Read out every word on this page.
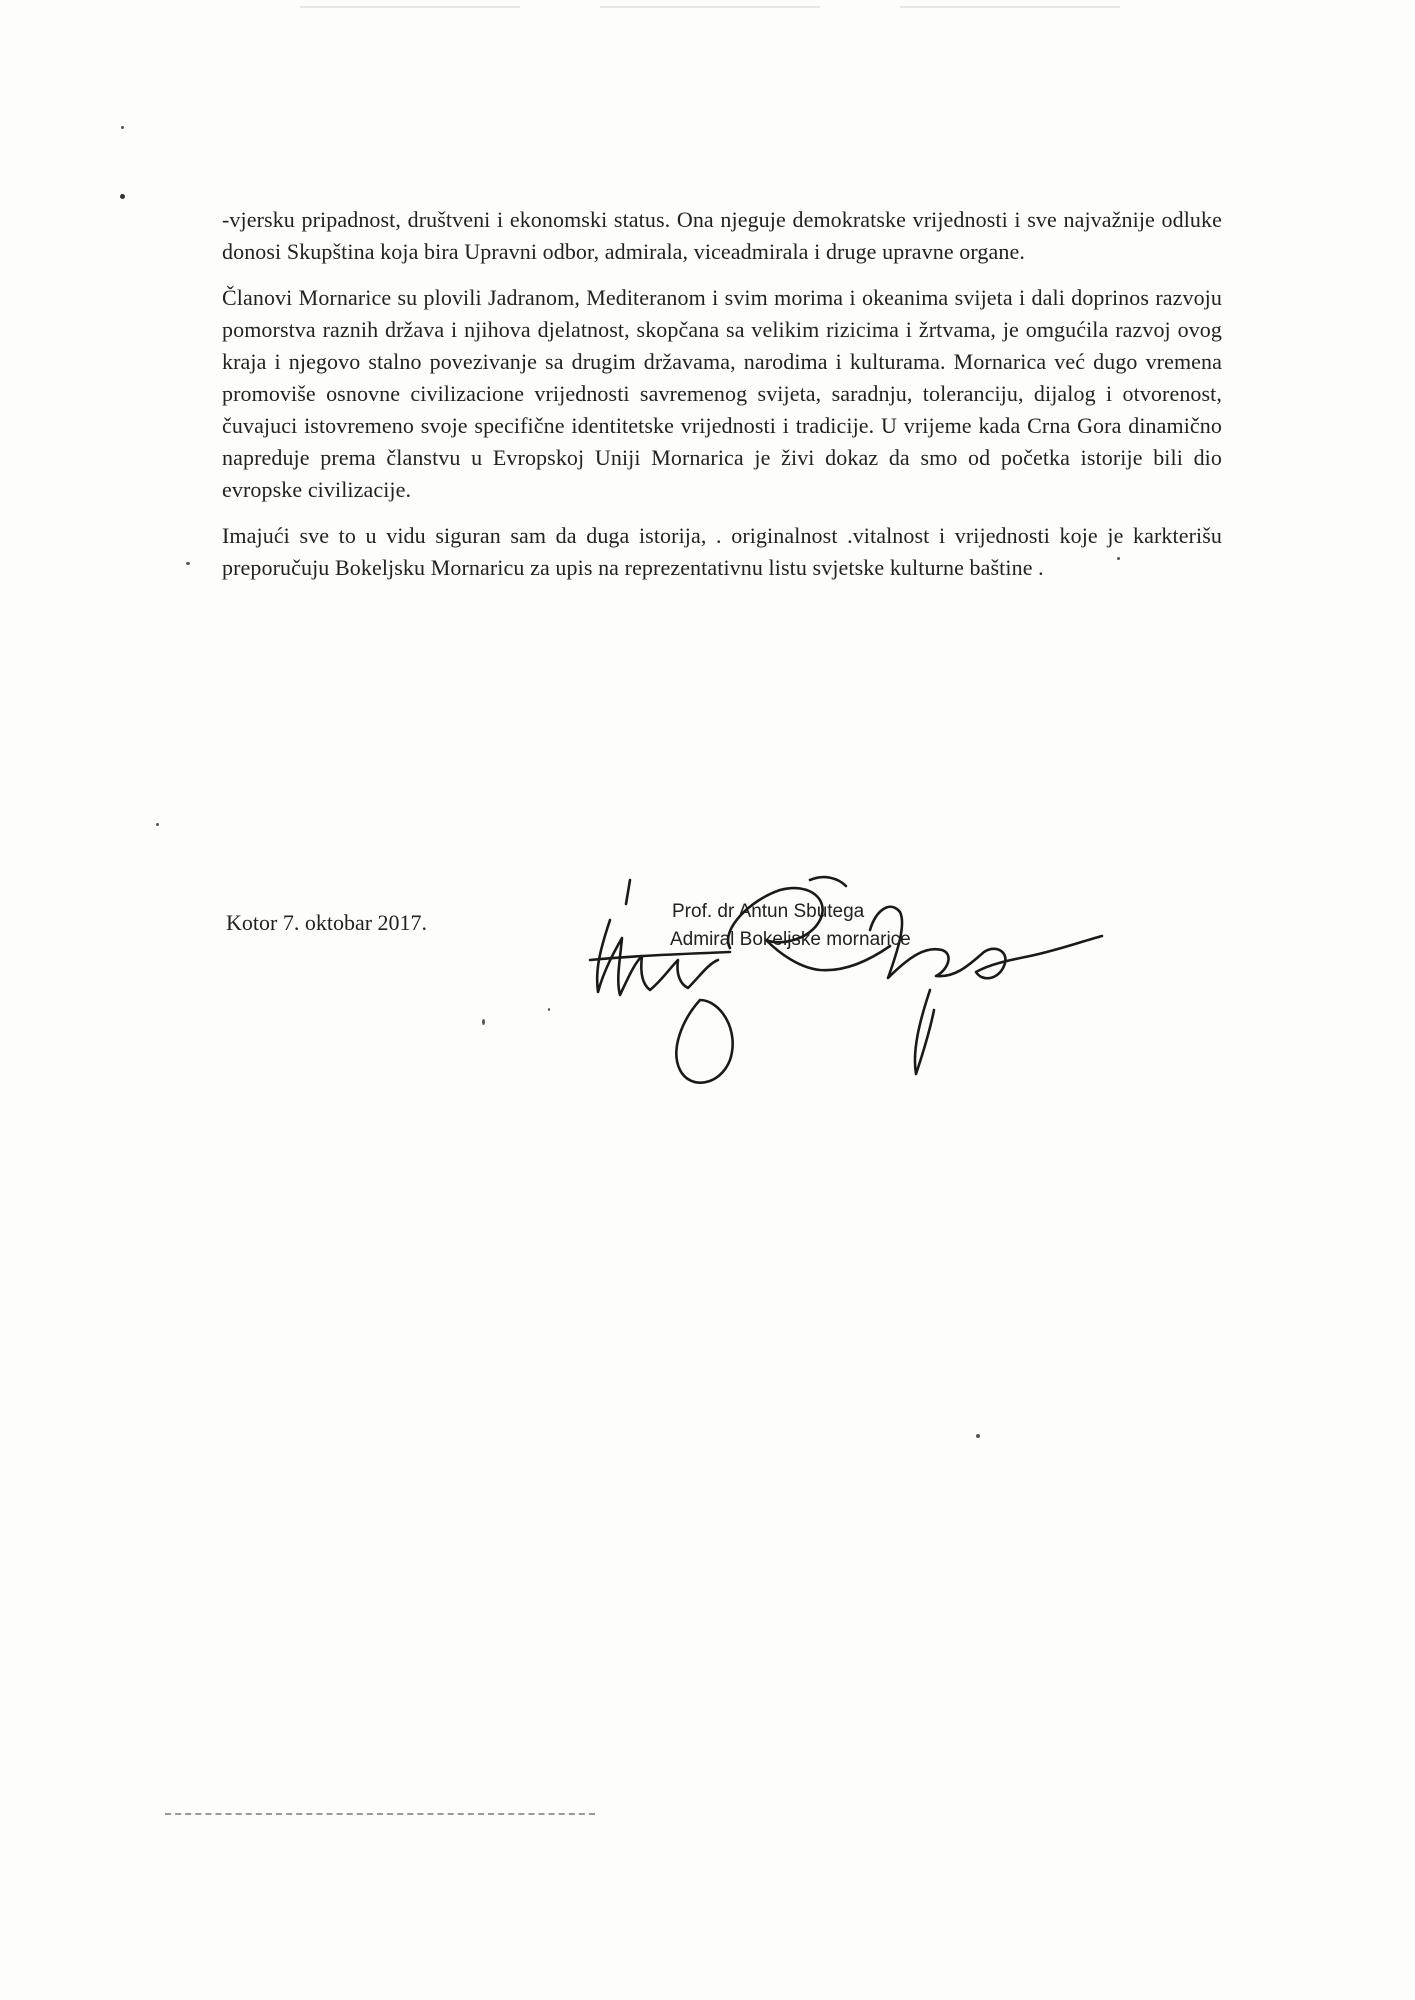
-vjersku pripadnost, društveni i ekonomski status. Ona njeguje demokratske vrijednosti i sve najvažnije odluke donosi Skupština koja bira Upravni odbor, admirala, viceadmirala i druge upravne organe.

Članovi Mornarice su plovili Jadranom, Mediteranom i svim morima i okeanima svijeta i dali doprinos razvoju pomorstva raznih država i njihova djelatnost, skopčana sa velikim rizicima i žrtvama, je omgućila razvoj ovog kraja i njegovo stalno povezivanje sa drugim državama, narodima i kulturama. Mornarica već dugo vremena promoviše osnovne civilizacione vrijednosti savremenog svijeta, saradnju, toleranciju, dijalog i otvorenost, čuvajuci istovremeno svoje specifične identitetske vrijednosti i tradicije. U vrijeme kada Crna Gora dinamično napreduje prema članstvu u Evropskoj Uniji Mornarica je živi dokaz da smo od početka istorije bili dio evropske civilizacije.

Imajući sve to u vidu siguran sam da duga istorija, . originalnost .vitalnost i vrijednosti koje je karkterišu preporučuju Bokeljsku Mornaricu za upis na reprezentativnu listu svjetske kulturne baštine .

Kotor 7. oktobar 2017.	Prof. dr Antun Sbutega
Admiral Bokeljske mornarice
